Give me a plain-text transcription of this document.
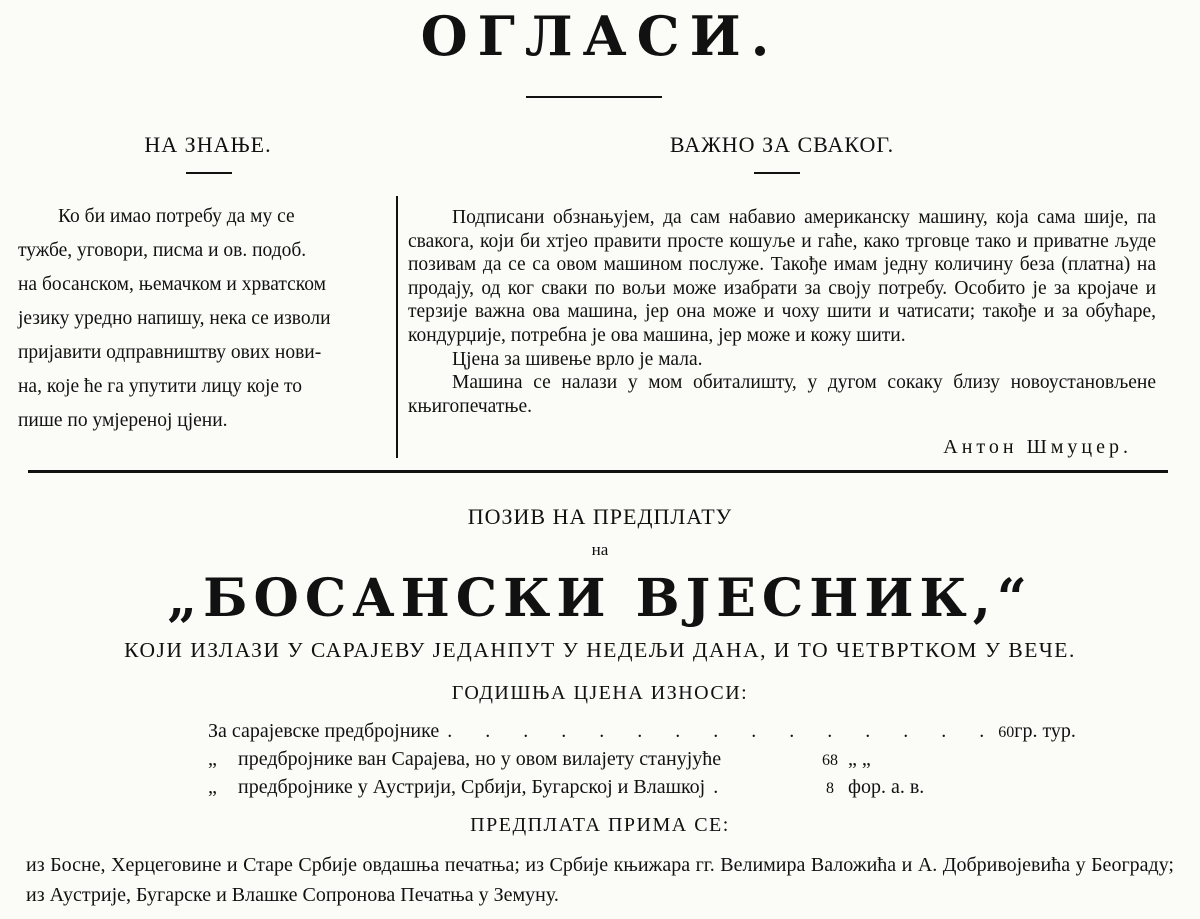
ОГЛАСИ.
НА ЗНАЊЕ.

Ко би имао потребу да му се

тужбе, уговори, писма и ов. подоб.
на босанском, њемачком и хрватском
језику уредно напишу, нека се изволи
пријавити одправништву ових нови-
на, које ће га упутити лицу које то
пише по умјереној цјени.
ВАЖНО ЗА СВАКОГ.

Подписани обзнањујем, да сам набавио американску машину, која сама шије, па свакога, који би хтјео правити простe кошуље и гаће, како трговце тако и приватне људе позивам да се са овом машином послуже. Такође имам једну количину беза (платна) на продају, од ког сваки по вољи може изабрати за своју потребу. Особито је за кројаче и терзије важна ова машина, јер она може и чоху шити и чатисати; такође и за обућаре, кондурџије, потребна је ова машина, јер може и кожу шити.

Цјена за шивење врло је мала.

Машина се налази у мом обиталишту, у дугом сокаку близу новоустановљене књигопечатње.

Антон Шмуцер.
ПОЗИВ НА ПРЕДПЛАТУ
на
„БОСАНСКИ ВJЕСНИК,“
КОЈИ ИЗЛАЗИ У САРАЈЕВУ ЈЕДАНПУТ У НЕДЕЉИ ДАНА, И ТО ЧЕТВРТКОМ У ВЕЧЕ.
ГОДИШЊА ЦЈЕНА ИЗНОСИ:
За сарајевске предбројнике . . . . . . . . . . . . . . . 60 гр. тур.
„	предбројнике ван Сарајева, но у овом вилајету станујуће	68 „ „
„	предбројнике у Аустрији, Србији, Бугарској и Влашкој .	8 фор. а. в.
ПРЕДПЛАТА ПРИМА СЕ:
из Босне, Херцеговине и Старе Србије овдашња печатња; из Србије књижара гг. Велимира Валожића и А. Добривојевића у Београду; из Аустрије, Бугарске и Влашке Сопронова Печатња у Земуну.
